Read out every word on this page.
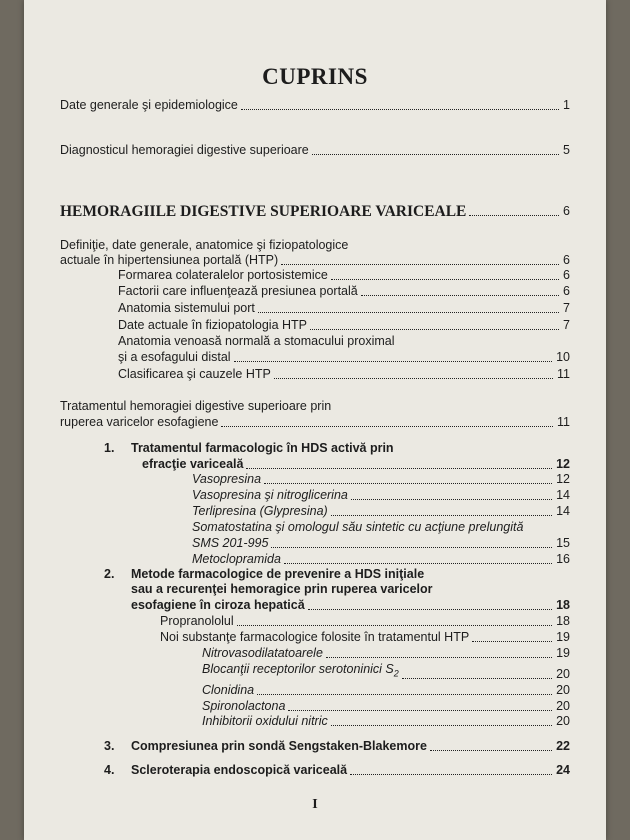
CUPRINS
Date generale şi epidemiologice	1
Diagnosticul hemoragiei digestive superioare	5
HEMORAGIILE DIGESTIVE SUPERIOARE VARICEALE	6
Definiţie, date generale, anatomice şi fiziopatologice
actuale în hipertensiunea portală (HTP)	6
Formarea colateralelor portosistemice	6
Factorii care influenţează presiunea portală	6
Anatomia sistemului port	7
Date actuale în fiziopatologia HTP	7
Anatomia venoasă normală a stomacului proximal
şi a esofagului distal	10
Clasificarea şi cauzele HTP	11
Tratamentul hemoragiei digestive superioare prin
ruperea varicelor esofagiene	11
1. Tratamentul farmacologic în HDS activă prin
efracţie variceală	12
Vasopresina	12
Vasopresina şi nitroglicerina	14
Terlipresina (Glypresina)	14
Somatostatina şi omologul său sintetic cu acţiune prelungită
SMS 201-995	15
Metoclopramida	16
2. Metode farmacologice de prevenire a HDS iniţiale
sau a recurenţei hemoragice prin ruperea varicelor
esofagiene în ciroza hepatică	18
Propranololul	18
Noi substanţe farmacologice folosite în tratamentul HTP	19
Nitrovasodilatatoarele	19
Blocanţii receptorilor serotoninici $S_2$	20
Clonidina	20
Spironolactona	20
Inhibitorii oxidului nitric	20
3. Compresiunea prin sondă Sengstaken-Blakemore	22
4. Scleroterapia endoscopică variceală	24
I
